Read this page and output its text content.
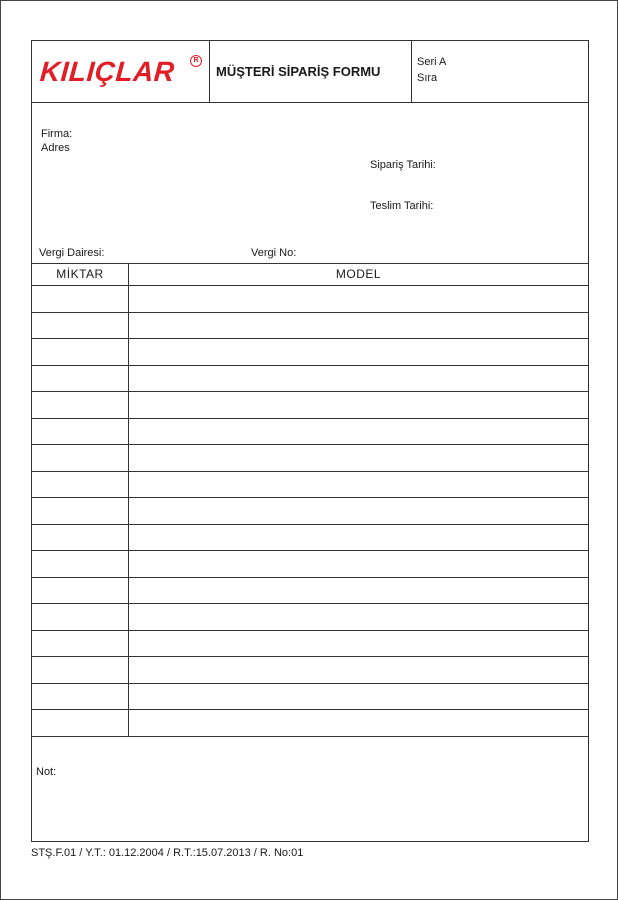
KILIÇLAR	R
MÜŞTERİ SİPARİŞ FORMU
Seri A
Sıra
Firma:
Adres
Sipariş Tarihi:
Teslim Tarihi:
Vergi Dairesi:	Vergi No:
MİKTAR	MODEL
Not:
STŞ.F.01 / Y.T.: 01.12.2004 / R.T.:15.07.2013 / R. No:01
